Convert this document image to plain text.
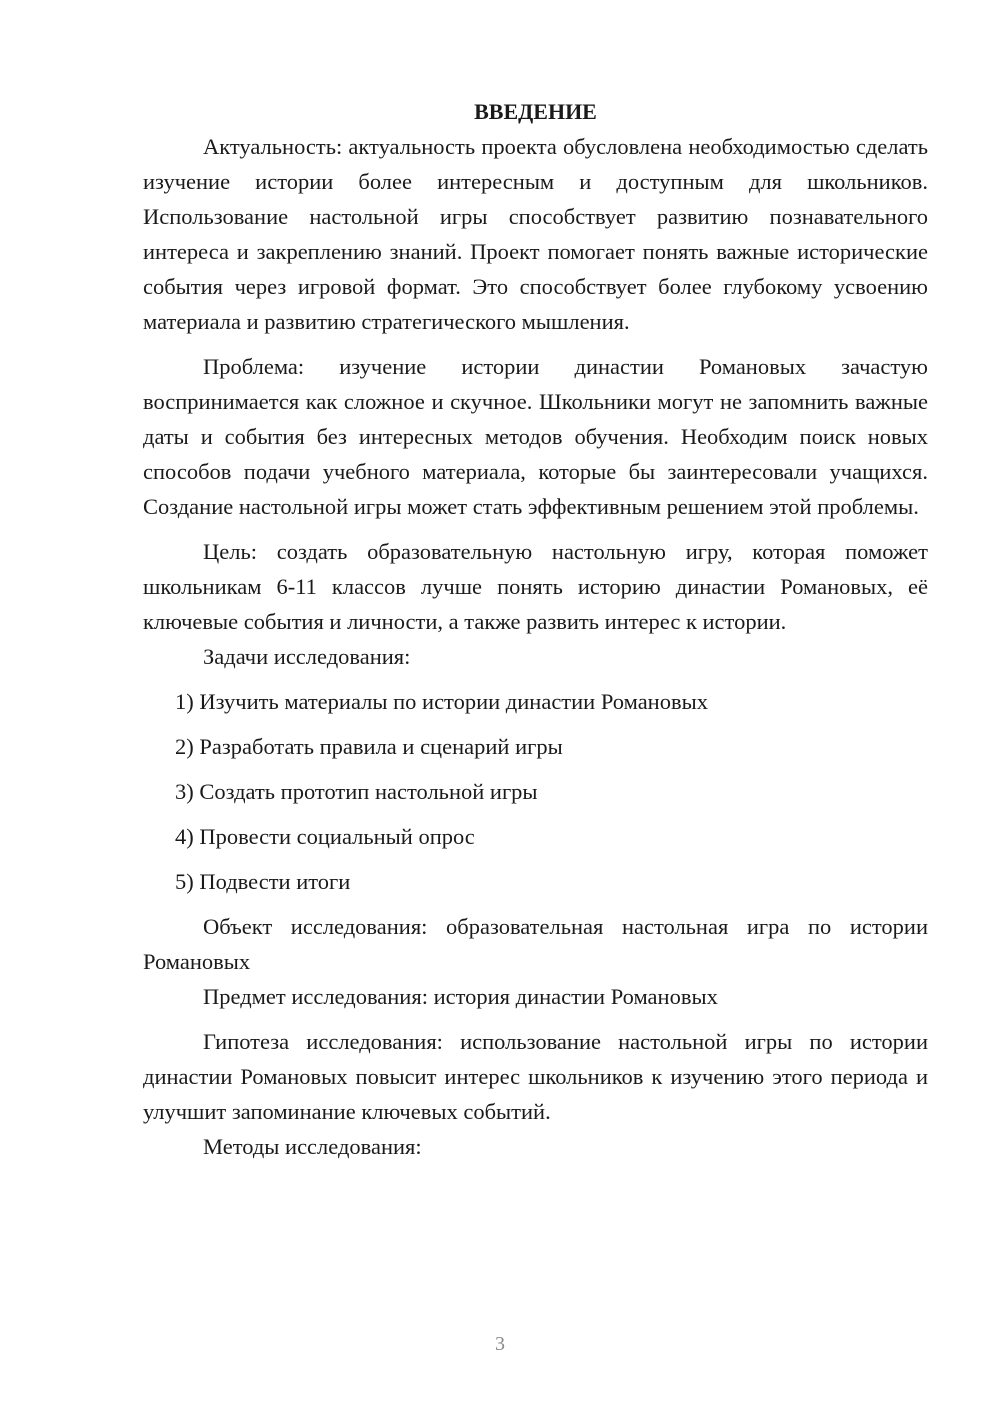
ВВЕДЕНИЕ

Актуальность: актуальность проекта обусловлена необходимостью сделать изучение истории более интересным и доступным для школьников. Использование настольной игры способствует развитию познавательного интереса и закреплению знаний. Проект помогает понять важные исторические события через игровой формат. Это способствует более глубокому усвоению материала и развитию стратегического мышления.

Проблема: изучение истории династии Романовых зачастую воспринимается как сложное и скучное. Школьники могут не запомнить важные даты и события без интересных методов обучения. Необходим поиск новых способов подачи учебного материала, которые бы заинтересовали учащихся. Создание настольной игры может стать эффективным решением этой проблемы.

Цель: создать образовательную настольную игру, которая поможет школьникам 6-11 классов лучше понять историю династии Романовых, её ключевые события и личности, а также развить интерес к истории.

Задачи исследования:

1) Изучить материалы по истории династии Романовых
2) Разработать правила и сценарий игры
3) Создать прототип настольной игры
4) Провести социальный опрос
5) Подвести итоги

Объект исследования: образовательная настольная игра по истории Романовых

Предмет исследования: история династии Романовых

Гипотеза исследования: использование настольной игры по истории династии Романовых повысит интерес школьников к изучению этого периода и улучшит запоминание ключевых событий.

Методы исследования:

3
